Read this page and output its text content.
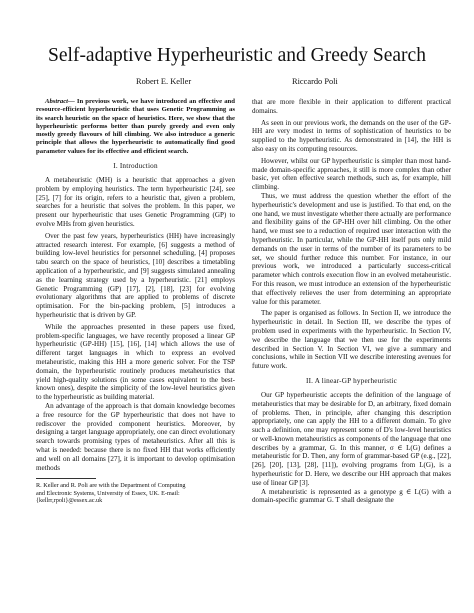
Self-adaptive Hyperheuristic and Greedy Search
Robert E. Keller	Riccardo Poli

Abstract— In previous work, we have introduced an effective and resource-efficient hyperheuristic that uses Genetic Programming as its search heuristic on the space of heuristics. Here, we show that the hyperheuristic performs better than purely greedy and even only mostly greedy flavours of hill climbing. We also introduce a generic principle that allows the hyperheuristic to automatically find good parameter values for its effective and efficient search.

I. Introduction

A metaheuristic (MH) is a heuristic that approaches a given problem by employing heuristics. The term hyperheuristic [24], see [25], [7] for its origin, refers to a heuristic that, given a problem, searches for a heuristic that solves the problem. In this paper, we present our hyperheuristic that uses Genetic Programming (GP) to evolve MHs from given heuristics.

Over the past few years, hyperheuristics (HH) have increasingly attracted research interest. For example, [6] suggests a method of building low-level heuristics for personnel scheduling, [4] proposes tabu search on the space of heuristics, [10] describes a timetabling application of a hyperheuristic, and [9] suggests simulated annealing as the learning strategy used by a hyperheuristic. [21] employs Genetic Programming (GP) [17], [2], [18], [23] for evolving evolutionary algorithms that are applied to problems of discrete optimisation. For the bin-packing problem, [5] introduces a hyperheuristic that is driven by GP.

While the approaches presented in these papers use fixed, problem-specific languages, we have recently proposed a linear GP hyperheuristic (GP-HH) [15], [16], [14] which allows the use of different target languages in which to express an evolved metaheuristic, making this HH a more generic solver. For the TSP domain, the hyperheuristic routinely produces metaheuristics that yield high-quality solutions (in some cases equivalent to the best-known ones), despite the simplicity of the low-level heuristics given to the hyperheuristic as building material.

An advantage of the approach is that domain knowledge becomes a free resource for the GP hyperheuristic that does not have to rediscover the provided component heuristics. Moreover, by designing a target language appropriately, one can direct evolutionary search towards promising types of metaheuristics. After all this is what is needed: because there is no fixed HH that works efficiently and well on all domains [27], it is important to develop optimisation methods

R. Keller and R. Poli are with the Department of Computing
and Electronic Systems, University of Essex, UK. E-mail:
{kellrr,rpoli}@essex.ac.uk

that are more flexible in their application to different practical domains.

As seen in our previous work, the demands on the user of the GP-HH are very modest in terms of sophistication of heuristics to be supplied to the hyperheuristic. As demonstrated in [14], the HH is also easy on its computing resources.

However, whilst our GP hyperheuristic is simpler than most hand-made domain-specific approaches, it still is more complex than other basic, yet often effective search methods, such as, for example, hill climbing.

Thus, we must address the question whether the effort of the hyperheuristic's development and use is justified. To that end, on the one hand, we must investigate whether there actually are performance and flexibility gains of the GP-HH over hill climbing. On the other hand, we must see to a reduction of required user interaction with the hyperheuristic. In particular, while the GP-HH itself puts only mild demands on the user in terms of the number of its parameters to be set, we should further reduce this number. For instance, in our previous work, we introduced a particularly success-critical parameter which controls execution flow in an evolved metaheuristic. For this reason, we must introduce an extension of the hyperheuristic that effectively relieves the user from determining an appropriate value for this parameter.

The paper is organised as follows. In Section II, we introduce the hyperheuristic in detail. In Section III, we describe the types of problem used in experiments with the hyperheuristic. In Section IV, we describe the language that we then use for the experiments described in Section V. In Section VI, we give a summary and conclusions, while in Section VII we describe interesting avenues for future work.

II. A linear-GP hyperheuristic

Our GP hyperheuristic accepts the definition of the language of metaheuristics that may be desirable for D, an arbitrary, fixed domain of problems. Then, in principle, after changing this description appropriately, one can apply the HH to a different domain. To give such a definition, one may represent some of D's low-level heuristics or well-known metaheuristics as components of the language that one describes by a grammar, G. In this manner, σ ∈ L(G) defines a metaheuristic for D. Then, any form of grammar-based GP (e.g., [22], [26], [20], [13], [28], [11]), evolving programs from L(G), is a hyperheuristic for D. Here, we describe our HH approach that makes use of linear GP [3].

A metaheuristic is represented as a genotype g ∈ L(G) with a domain-specific grammar G. T shall designate the
